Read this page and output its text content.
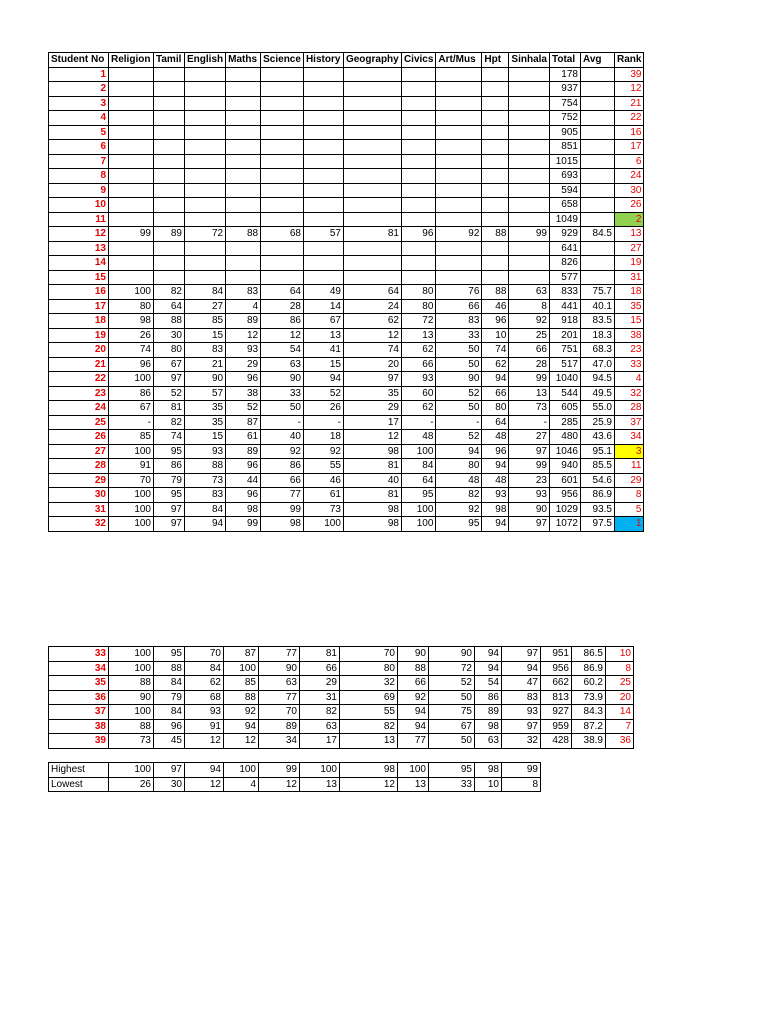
Student No	Religion	Tamil	English	Maths	Science	History	Geography	Civics	Art/Mus	Hpt	Sinhala	Total	Avg	Rank
1												178		39
2												937		12
3												754		21
4												752		22
5												905		16
6												851		17
7												1015		6
8												693		24
9												594		30
10												658		26
11												1049		2
12	99	89	72	88	68	57	81	96	92	88	99	929	84.5	13
13												641		27
14												826		19
15												577		31
16	100	82	84	83	64	49	64	80	76	88	63	833	75.7	18
17	80	64	27	4	28	14	24	80	66	46	8	441	40.1	35
18	98	88	85	89	86	67	62	72	83	96	92	918	83.5	15
19	26	30	15	12	12	13	12	13	33	10	25	201	18.3	38
20	74	80	83	93	54	41	74	62	50	74	66	751	68.3	23
21	96	67	21	29	63	15	20	66	50	62	28	517	47.0	33
22	100	97	90	96	90	94	97	93	90	94	99	1040	94.5	4
23	86	52	57	38	33	52	35	60	52	66	13	544	49.5	32
24	67	81	35	52	50	26	29	62	50	80	73	605	55.0	28
25	-	82	35	87	-	-	17	-	-	64	-	285	25.9	37
26	85	74	15	61	40	18	12	48	52	48	27	480	43.6	34
27	100	95	93	89	92	92	98	100	94	96	97	1046	95.1	3
28	91	86	88	96	86	55	81	84	80	94	99	940	85.5	11
29	70	79	73	44	66	46	40	64	48	48	23	601	54.6	29
30	100	95	83	96	77	61	81	95	82	93	93	956	86.9	8
31	100	97	84	98	99	73	98	100	92	98	90	1029	93.5	5
32	100	97	94	99	98	100	98	100	95	94	97	1072	97.5	1
33	100	95	70	87	77	81	70	90	90	94	97	951	86.5	10
34	100	88	84	100	90	66	80	88	72	94	94	956	86.9	8
35	88	84	62	85	63	29	32	66	52	54	47	662	60.2	25
36	90	79	68	88	77	31	69	92	50	86	83	813	73.9	20
37	100	84	93	92	70	82	55	94	75	89	93	927	84.3	14
38	88	96	91	94	89	63	82	94	67	98	97	959	87.2	7
39	73	45	12	12	34	17	13	77	50	63	32	428	38.9	36
Highest	100	97	94	100	99	100	98	100	95	98	99
Lowest	26	30	12	4	12	13	12	13	33	10	8
